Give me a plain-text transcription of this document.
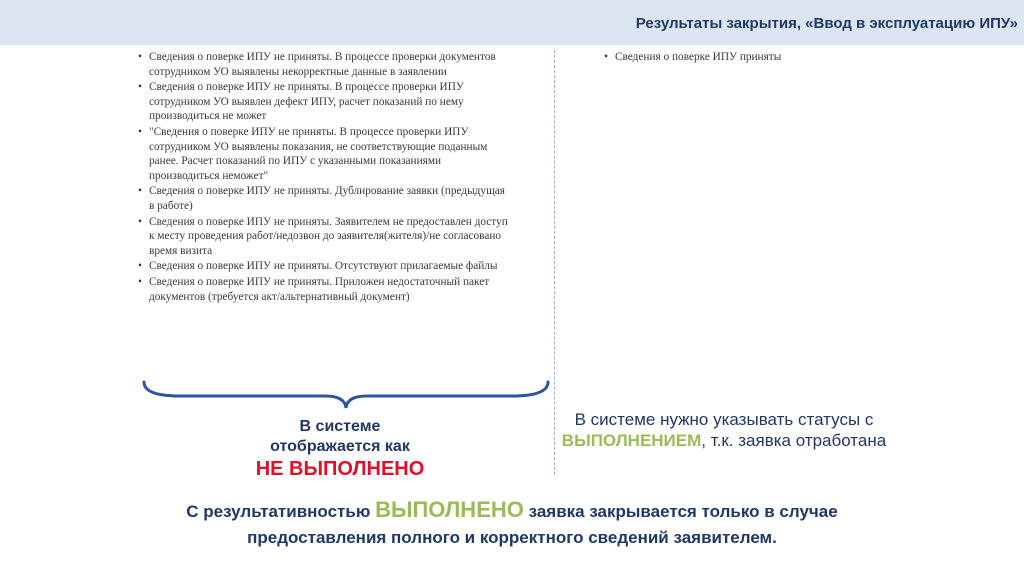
Результаты закрытия, «Ввод в эксплуатацию ИПУ»
• Сведения о поверке ИПУ не приняты. В процессе проверки документов сотрудником УО выявлены некорректные данные в заявлении
• Сведения о поверке ИПУ не приняты. В процессе проверки ИПУ сотрудником УО выявлен дефект ИПУ, расчет показаний по нему производиться не может
• "Сведения о поверке ИПУ не приняты. В процессе проверки ИПУ сотрудником УО выявлены показания, не соответствующие поданным ранее. Расчет показаний по ИПУ с указанными показаниями производиться неможет"
• Сведения о поверке ИПУ не приняты. Дублирование заявки (предыдущая в работе)
• Сведения о поверке ИПУ не приняты. Заявителем не предоставлен доступ к месту проведения работ/недозвон до заявителя(жителя)/не согласовано время визита
• Сведения о поверке ИПУ не приняты. Отсутствуют прилагаемые файлы
• Сведения о поверке ИПУ не приняты. Приложен недостаточный пакет документов (требуется акт/альтернативный документ)
• Сведения о поверке ИПУ приняты
В системе
отображается как
НЕ ВЫПОЛНЕНО
В системе нужно указывать статусы с ВЫПОЛНЕНИЕМ, т.к. заявка отработана
С результативностью ВЫПОЛНЕНО заявка закрывается только в случае предоставления полного и корректного сведений заявителем.
